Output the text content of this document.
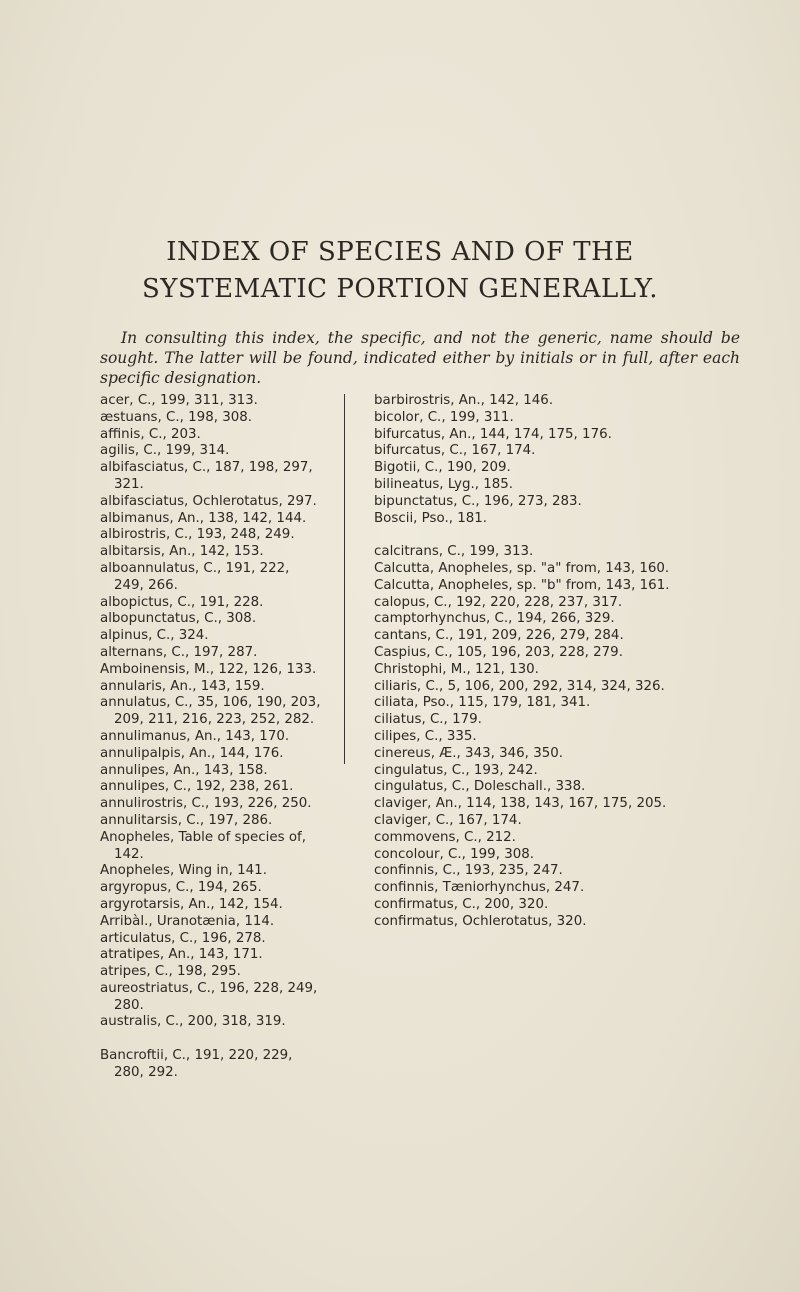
INDEX OF SPECIES AND OF THE
SYSTEMATIC PORTION GENERALLY.

In consulting this index, the specific, and not the generic, name should be sought. The latter will be found, indicated either by initials or in full, after each specific designation.

acer, C., 199, 311, 313.

æstuans, C., 198, 308.

affinis, C., 203.

agilis, C., 199, 314.

albifasciatus, C., 187, 198, 297, 321.

albifasciatus, Ochlerotatus, 297.

albimanus, An., 138, 142, 144.

albirostris, C., 193, 248, 249.

albitarsis, An., 142, 153.

alboannulatus, C., 191, 222, 249, 266.

albopictus, C., 191, 228.

albopunctatus, C., 308.

alpinus, C., 324.

alternans, C., 197, 287.

Amboinensis, M., 122, 126, 133.

annularis, An., 143, 159.

annulatus, C., 35, 106, 190, 203, 209, 211, 216, 223, 252, 282.

annulimanus, An., 143, 170.

annulipalpis, An., 144, 176.

annulipes, An., 143, 158.

annulipes, C., 192, 238, 261.

annulirostris, C., 193, 226, 250.

annulitarsis, C., 197, 286.

Anopheles, Table of species of, 142.

Anopheles, Wing in, 141.

argyropus, C., 194, 265.

argyrotarsis, An., 142, 154.

Arribàl., Uranotænia, 114.

articulatus, C., 196, 278.

atratipes, An., 143, 171.

atripes, C., 198, 295.

aureostriatus, C., 196, 228, 249, 280.

australis, C., 200, 318, 319.

Bancroftii, C., 191, 220, 229, 280, 292.

barbirostris, An., 142, 146.

bicolor, C., 199, 311.

bifurcatus, An., 144, 174, 175, 176.

bifurcatus, C., 167, 174.

Bigotii, C., 190, 209.

bilineatus, Lyg., 185.

bipunctatus, C., 196, 273, 283.

Boscii, Pso., 181.

calcitrans, C., 199, 313.

Calcutta, Anopheles, sp. "a" from, 143, 160.

Calcutta, Anopheles, sp. "b" from, 143, 161.

calopus, C., 192, 220, 228, 237, 317.

camptorhynchus, C., 194, 266, 329.

cantans, C., 191, 209, 226, 279, 284.

Caspius, C., 105, 196, 203, 228, 279.

Christophi, M., 121, 130.

ciliaris, C., 5, 106, 200, 292, 314, 324, 326.

ciliata, Pso., 115, 179, 181, 341.

ciliatus, C., 179.

cilipes, C., 335.

cinereus, Æ., 343, 346, 350.

cingulatus, C., 193, 242.

cingulatus, C., Doleschall., 338.

claviger, An., 114, 138, 143, 167, 175, 205.

claviger, C., 167, 174.

commovens, C., 212.

concolour, C., 199, 308.

confinnis, C., 193, 235, 247.

confinnis, Tæniorhynchus, 247.

confirmatus, C., 200, 320.

confirmatus, Ochlerotatus, 320.
